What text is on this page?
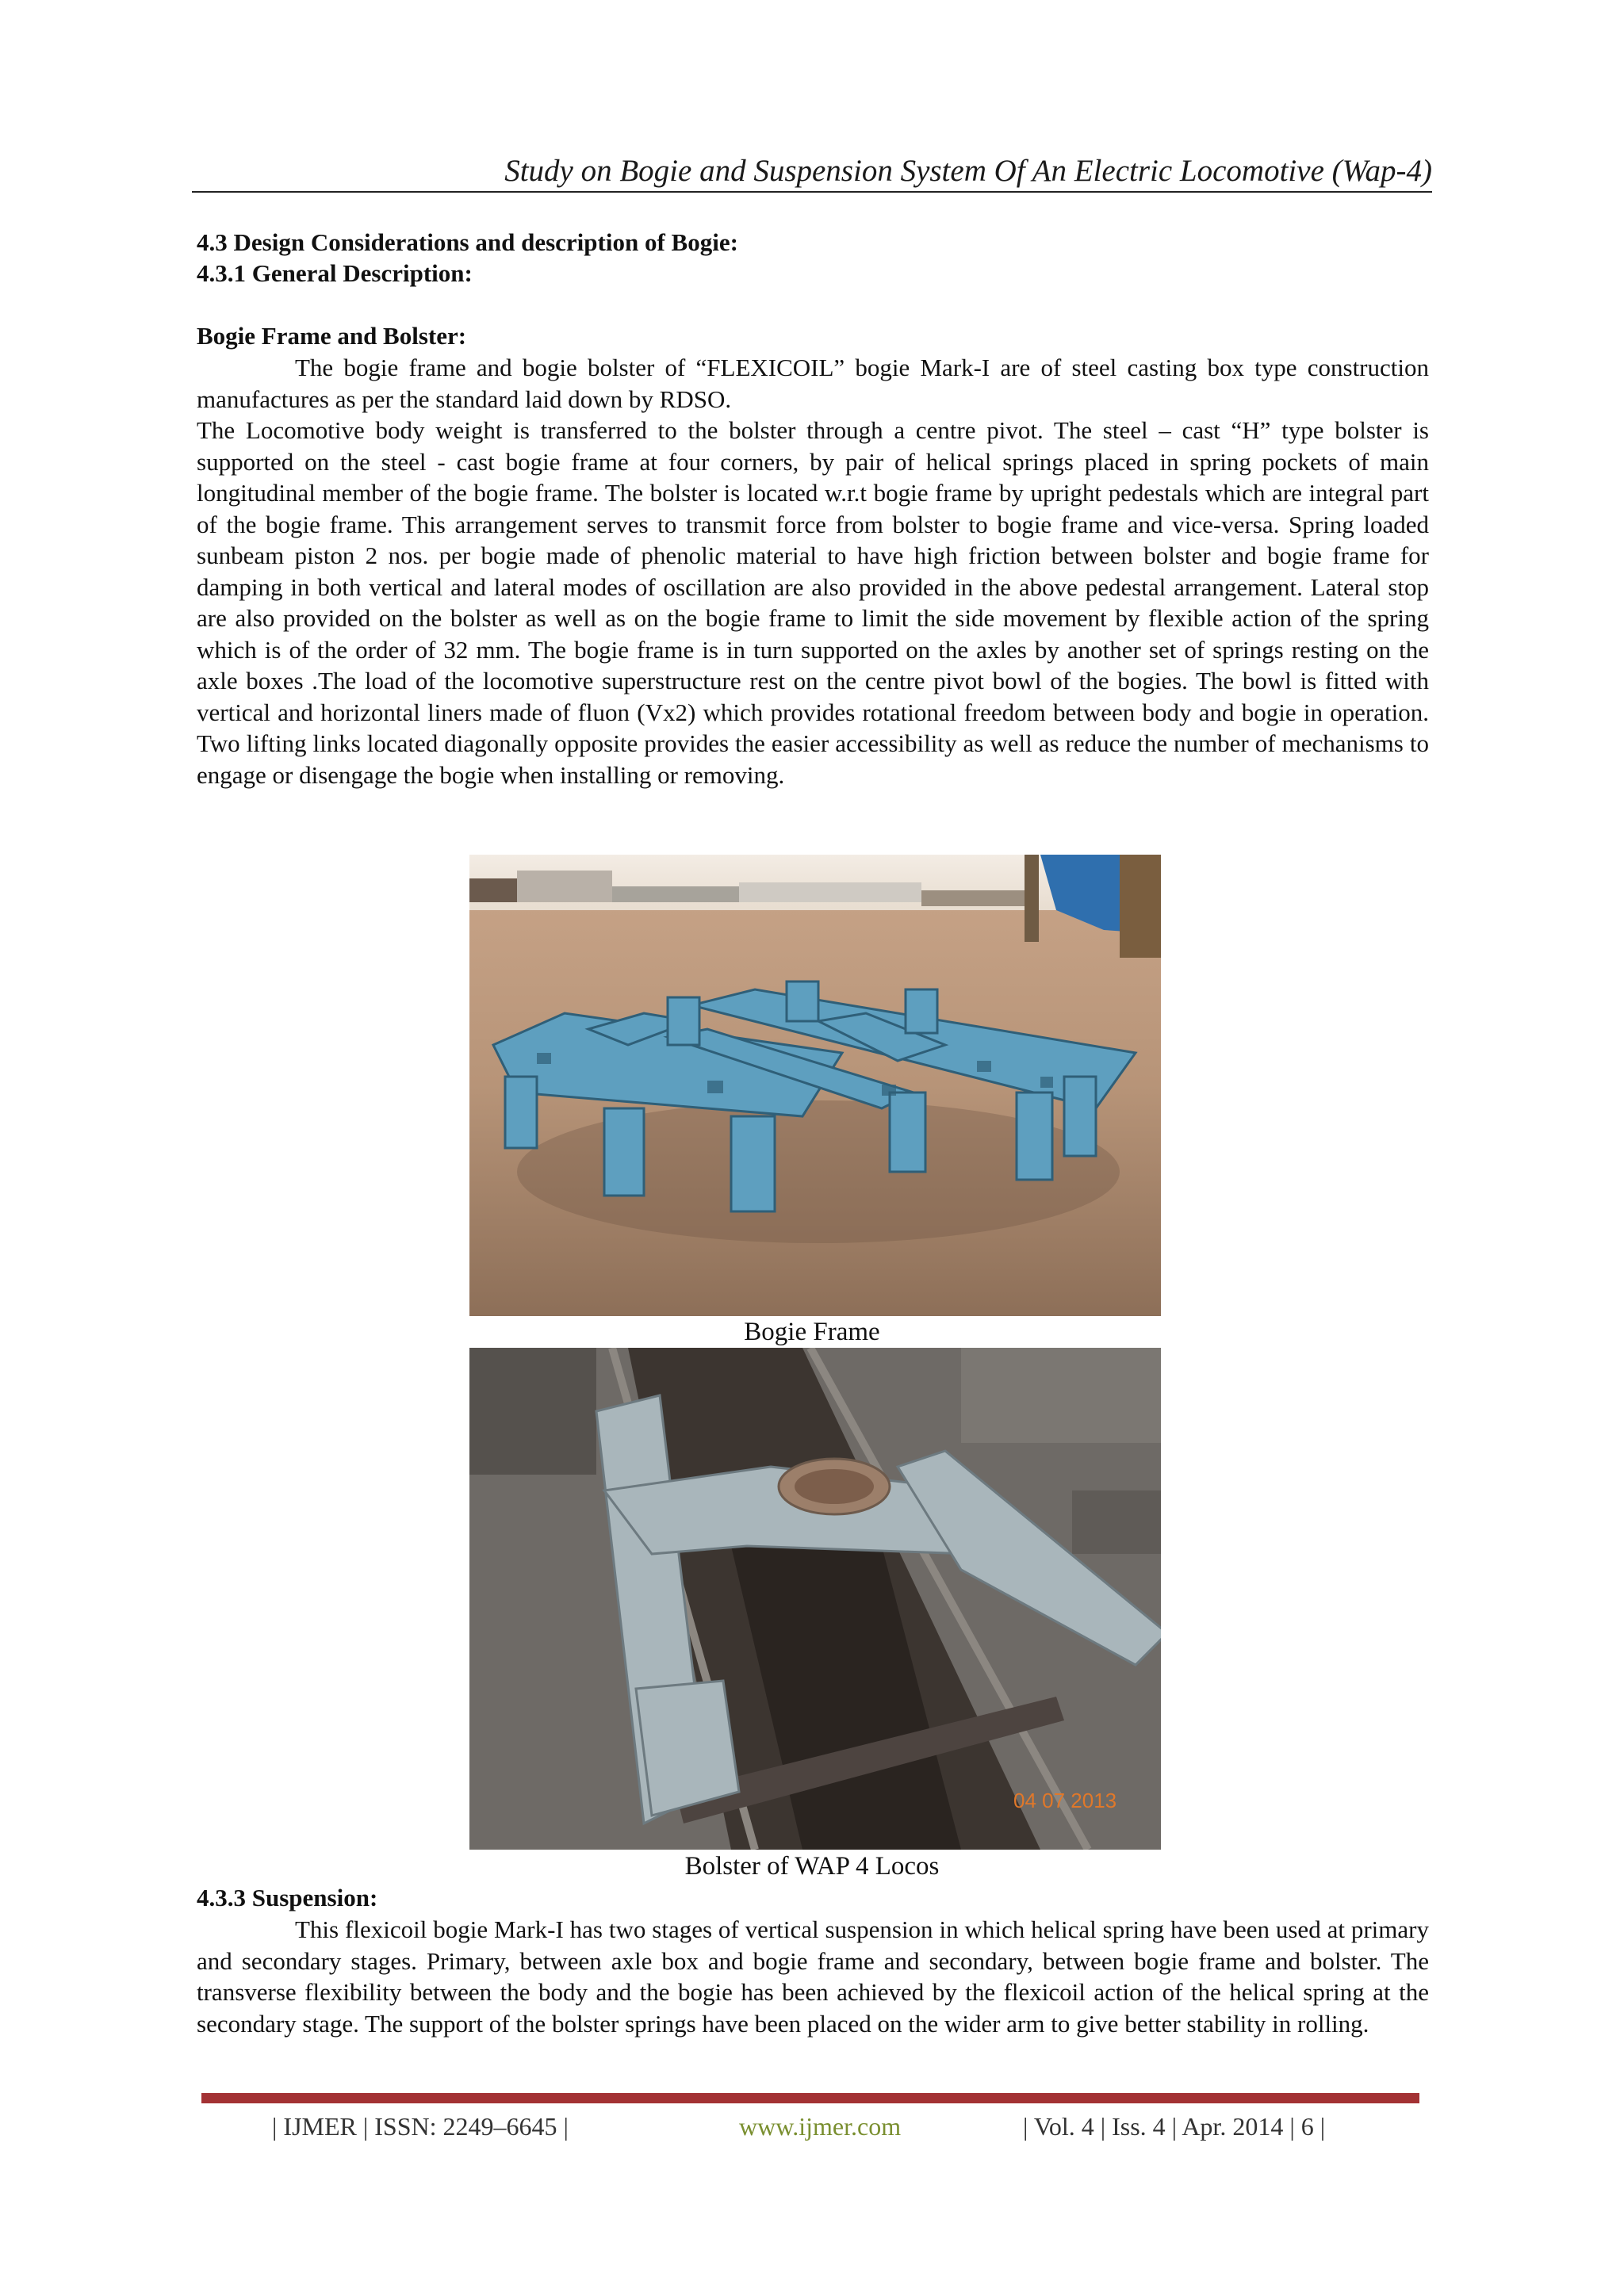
Study on Bogie and Suspension System Of An Electric Locomotive (Wap-4)
4.3 Design Considerations and description of Bogie:
4.3.1 General Description:
Bogie Frame and Bolster:

The bogie frame and bogie bolster of “FLEXICOIL” bogie Mark-I are of steel casting box type construction manufactures as per the standard laid down by RDSO.

The Locomotive body weight is transferred to the bolster through a centre pivot. The steel – cast “H” type bolster is supported on the steel - cast bogie frame at four corners, by pair of helical springs placed in spring pockets of main longitudinal member of the bogie frame. The bolster is located w.r.t bogie frame by upright pedestals which are integral part of the bogie frame. This arrangement serves to transmit force from bolster to bogie frame and vice-versa. Spring loaded sunbeam piston 2 nos. per bogie made of phenolic material to have high friction between bolster and bogie frame for damping in both vertical and lateral modes of oscillation are also provided in the above pedestal arrangement. Lateral stop are also provided on the bolster as well as on the bogie frame to limit the side movement by flexible action of the spring which is of the order of 32 mm. The bogie frame is in turn supported on the axles by another set of springs resting on the axle boxes .The load of the locomotive superstructure rest on the centre pivot bowl of the bogies. The bowl is fitted with vertical and horizontal liners made of fluon (Vx2) which provides rotational freedom between body and bogie in operation. Two lifting links located diagonally opposite provides the easier accessibility as well as reduce the number of mechanisms to engage or disengage the bogie when installing or removing.

Bogie Frame
04 07 2013
Bolster of WAP 4 Locos
4.3.3 Suspension:

This flexicoil bogie Mark-I has two stages of vertical suspension in which helical spring have been used at primary and secondary stages. Primary, between axle box and bogie frame and secondary, between bogie frame and bolster. The transverse flexibility between the body and the bogie has been achieved by the flexicoil action of the helical spring at the secondary stage. The support of the bolster springs have been placed on the wider arm to give better stability in rolling.

| IJMER | ISSN: 2249–6645 |	www.ijmer.com	| Vol. 4 | Iss. 4 | Apr. 2014 | 6 |
